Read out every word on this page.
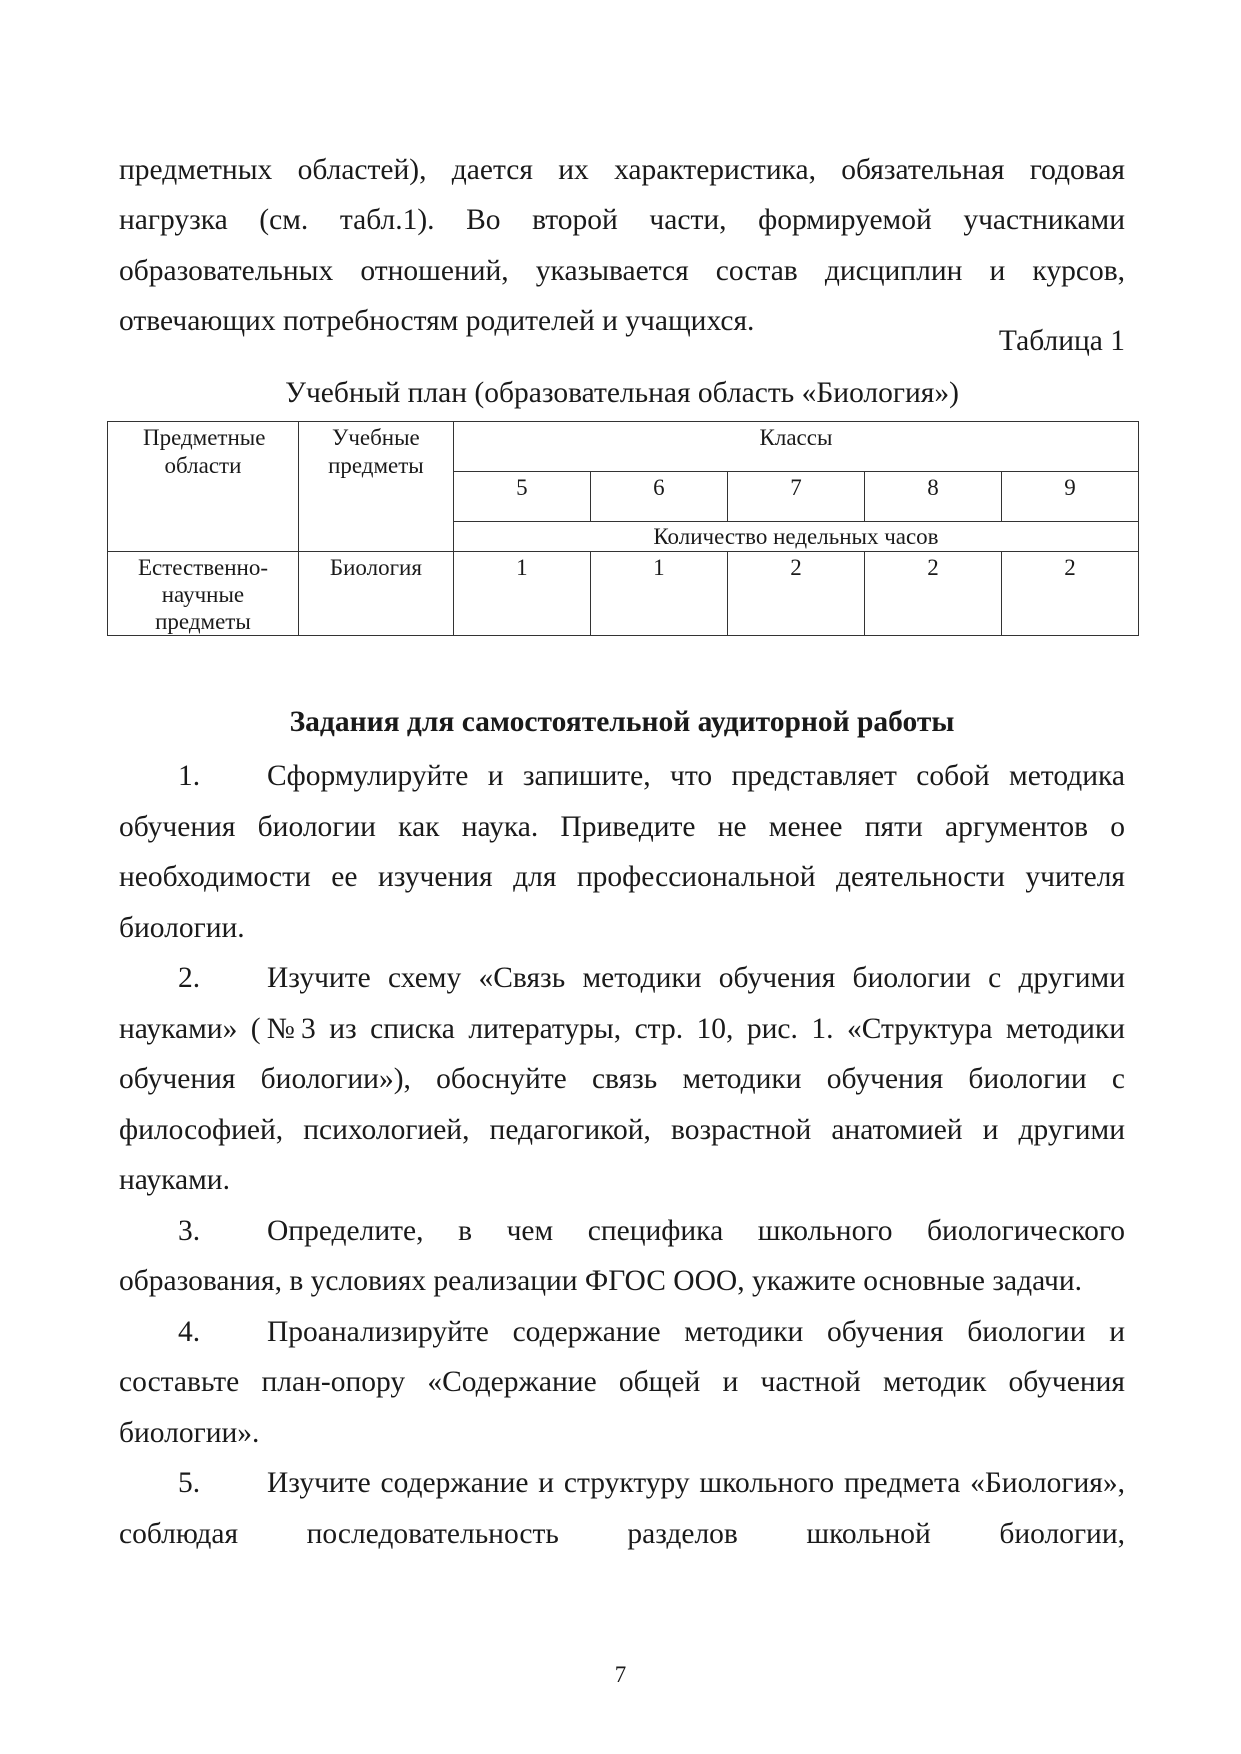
предметных областей), дается их характеристика, обязательная годовая нагрузка (см. табл.1). Во второй части, формируемой участниками образовательных отношений, указывается состав дисциплин и курсов, отвечающих потребностям родителей и учащихся.

Таблица 1
Учебный план (образовательная область «Биология»)
Предметные области	Учебные предметы	Классы				
		5	6	7	8	9
		Количество недельных часов				

Естественно-научные предметы	Биология	1	1	2	2	2
Задания для самостоятельной аудиторной работы

1. Сформулируйте и запишите, что представляет собой методика обучения биологии как наука. Приведите не менее пяти аргументов о необходимости ее изучения для профессиональной деятельности учителя биологии.

2. Изучите схему «Связь методики обучения биологии с другими науками» (№3 из списка литературы, стр. 10, рис. 1. «Структура методики обучения биологии»), обоснуйте связь методики обучения биологии с философией, психологией, педагогикой, возрастной анатомией и другими науками.

3. Определите, в чем специфика школьного биологического образования, в условиях реализации ФГОС ООО, укажите основные задачи.

4. Проанализируйте содержание методики обучения биологии и составьте план-опору «Содержание общей и частной методик обучения биологии».

5. Изучите содержание и структуру школьного предмета «Биология», соблюдая последовательность разделов школьной биологии,

7
